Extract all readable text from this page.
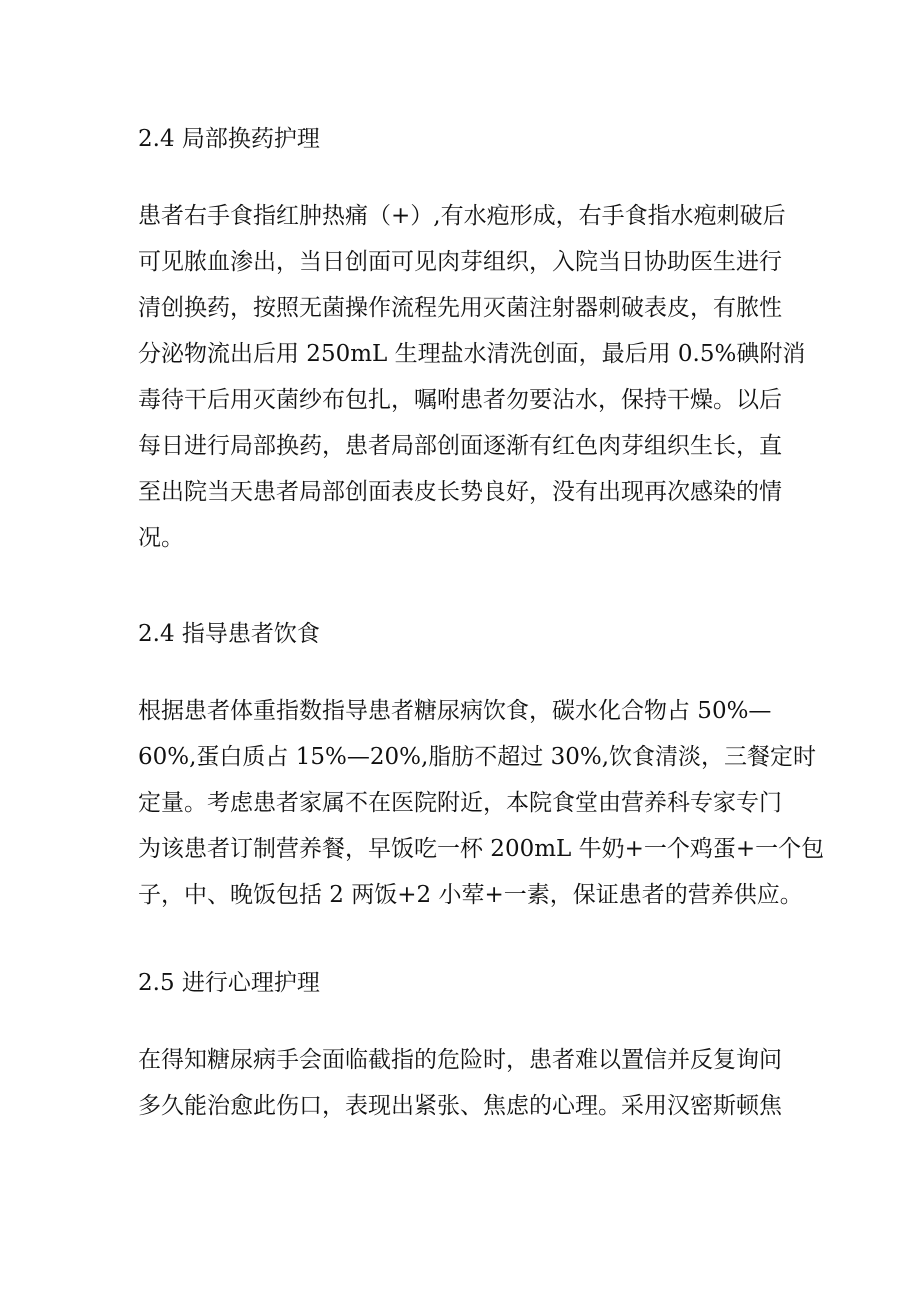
2.4 局部换药护理
患者右手食指红肿热痛（+）,有水疱形成，右手食指水疱刺破后
可见脓血渗出，当日创面可见肉芽组织，入院当日协助医生进行
清创换药，按照无菌操作流程先用灭菌注射器刺破表皮，有脓性
分泌物流出后用 250mL 生理盐水清洗创面，最后用 0.5%碘附消
毒待干后用灭菌纱布包扎，嘱咐患者勿要沾水，保持干燥。以后
每日进行局部换药，患者局部创面逐渐有红色肉芽组织生长，直
至出院当天患者局部创面表皮长势良好，没有出现再次感染的情
况。
2.4 指导患者饮食
根据患者体重指数指导患者糖尿病饮食，碳水化合物占 50%—
60%,蛋白质占 15%—20%,脂肪不超过 30%,饮食清淡，三餐定时
定量。考虑患者家属不在医院附近，本院食堂由营养科专家专门
为该患者订制营养餐，早饭吃一杯 200mL 牛奶+一个鸡蛋+一个包
子，中、晚饭包括 2 两饭+2 小荤+一素，保证患者的营养供应。
2.5 进行心理护理
在得知糖尿病手会面临截指的危险时，患者难以置信并反复询问
多久能治愈此伤口，表现出紧张、焦虑的心理。采用汉密斯顿焦
